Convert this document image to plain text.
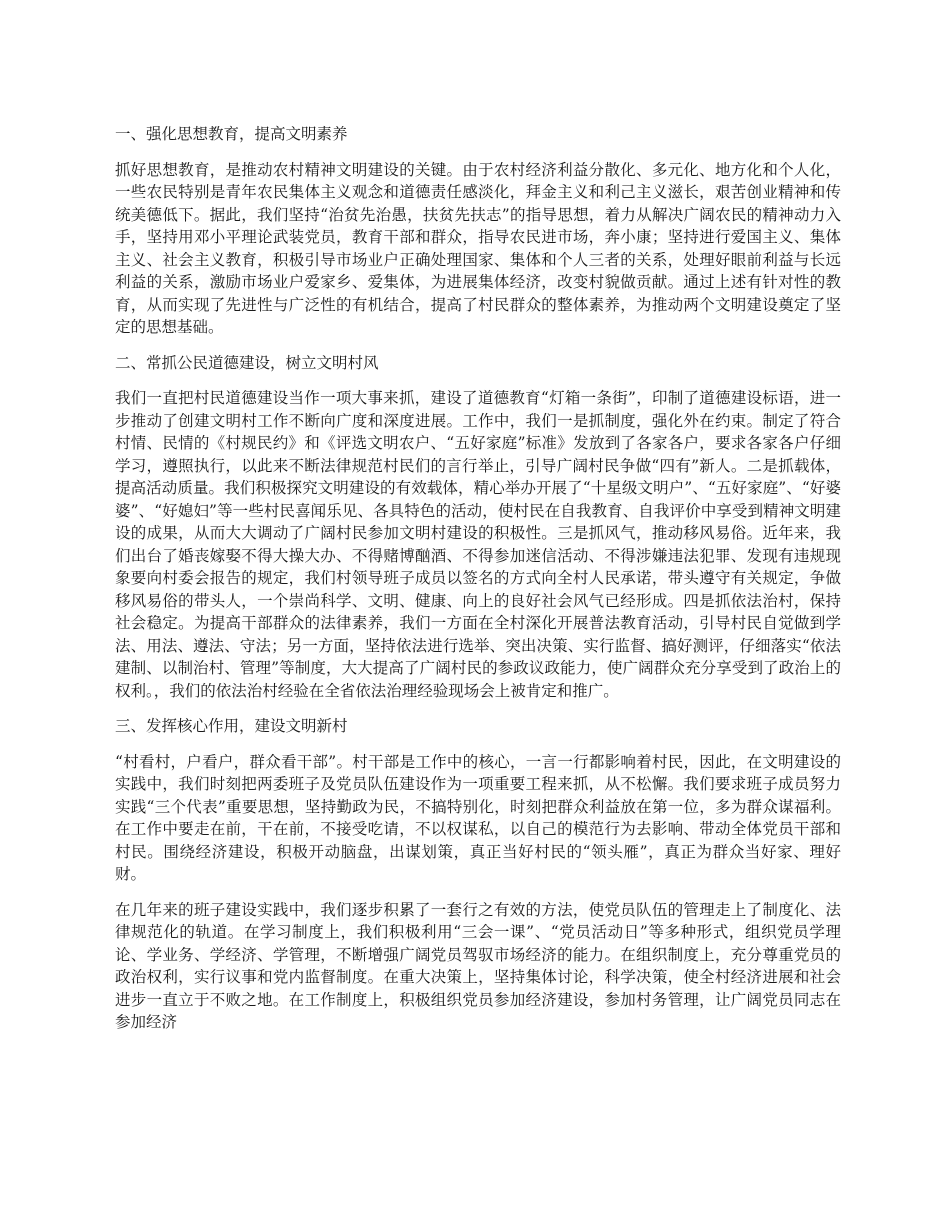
一、强化思想教育，提高文明素养
抓好思想教育，是推动农村精神文明建设的关键。由于农村经济利益分散化、多元化、地方化和个人化，一些农民特别是青年农民集体主义观念和道德责任感淡化，拜金主义和利己主义滋长，艰苦创业精神和传统美德低下。据此，我们坚持“治贫先治愚，扶贫先扶志”的指导思想，着力从解决广阔农民的精神动力入手，坚持用邓小平理论武装党员，教育干部和群众，指导农民进市场，奔小康；坚持进行爱国主义、集体主义、社会主义教育，积极引导市场业户正确处理国家、集体和个人三者的关系，处理好眼前利益与长远利益的关系，激励市场业户爱家乡、爱集体，为进展集体经济，改变村貌做贡献。通过上述有针对性的教育，从而实现了先进性与广泛性的有机结合，提高了村民群众的整体素养，为推动两个文明建设奠定了坚定的思想基础。
二、常抓公民道德建设，树立文明村风
我们一直把村民道德建设当作一项大事来抓，建设了道德教育“灯箱一条街”，印制了道德建设标语，进一步推动了创建文明村工作不断向广度和深度进展。工作中，我们一是抓制度，强化外在约束。制定了符合村情、民情的《村规民约》和《评选文明农户、“五好家庭”标准》发放到了各家各户，要求各家各户仔细学习，遵照执行，以此来不断法律规范村民们的言行举止，引导广阔村民争做“四有”新人。二是抓载体，提高活动质量。我们积极探究文明建设的有效载体，精心举办开展了“十星级文明户”、“五好家庭”、“好婆婆”、“好媳妇”等一些村民喜闻乐见、各具特色的活动，使村民在自我教育、自我评价中享受到精神文明建设的成果，从而大大调动了广阔村民参加文明村建设的积极性。三是抓风气，推动移风易俗。近年来，我们出台了婚丧嫁娶不得大操大办、不得赌博酗酒、不得参加迷信活动、不得涉嫌违法犯罪、发现有违规现象要向村委会报告的规定，我们村领导班子成员以签名的方式向全村人民承诺，带头遵守有关规定，争做移风易俗的带头人，一个崇尚科学、文明、健康、向上的良好社会风气已经形成。四是抓依法治村，保持社会稳定。为提高干部群众的法律素养，我们一方面在全村深化开展普法教育活动，引导村民自觉做到学法、用法、遵法、守法；另一方面，坚持依法进行选举、突出决策、实行监督、搞好测评，仔细落实“依法建制、以制治村、管理”等制度，大大提高了广阔村民的参政议政能力，使广阔群众充分享受到了政治上的权利。，我们的依法治村经验在全省依法治理经验现场会上被肯定和推广。
三、发挥核心作用，建设文明新村
“村看村，户看户，群众看干部”。村干部是工作中的核心，一言一行都影响着村民，因此，在文明建设的实践中，我们时刻把两委班子及党员队伍建设作为一项重要工程来抓，从不松懈。我们要求班子成员努力实践“三个代表”重要思想，坚持勤政为民，不搞特别化，时刻把群众利益放在第一位，多为群众谋福利。在工作中要走在前，干在前，不接受吃请，不以权谋私，以自己的模范行为去影响、带动全体党员干部和村民。围绕经济建设，积极开动脑盘，出谋划策，真正当好村民的“领头雁”，真正为群众当好家、理好财。
在几年来的班子建设实践中，我们逐步积累了一套行之有效的方法，使党员队伍的管理走上了制度化、法律规范化的轨道。在学习制度上，我们积极利用“三会一课”、“党员活动日”等多种形式，组织党员学理论、学业务、学经济、学管理，不断增强广阔党员驾驭市场经济的能力。在组织制度上，充分尊重党员的政治权利，实行议事和党内监督制度。在重大决策上，坚持集体讨论，科学决策，使全村经济进展和社会进步一直立于不败之地。在工作制度上，积极组织党员参加经济建设，参加村务管理，让广阔党员同志在参加经济
